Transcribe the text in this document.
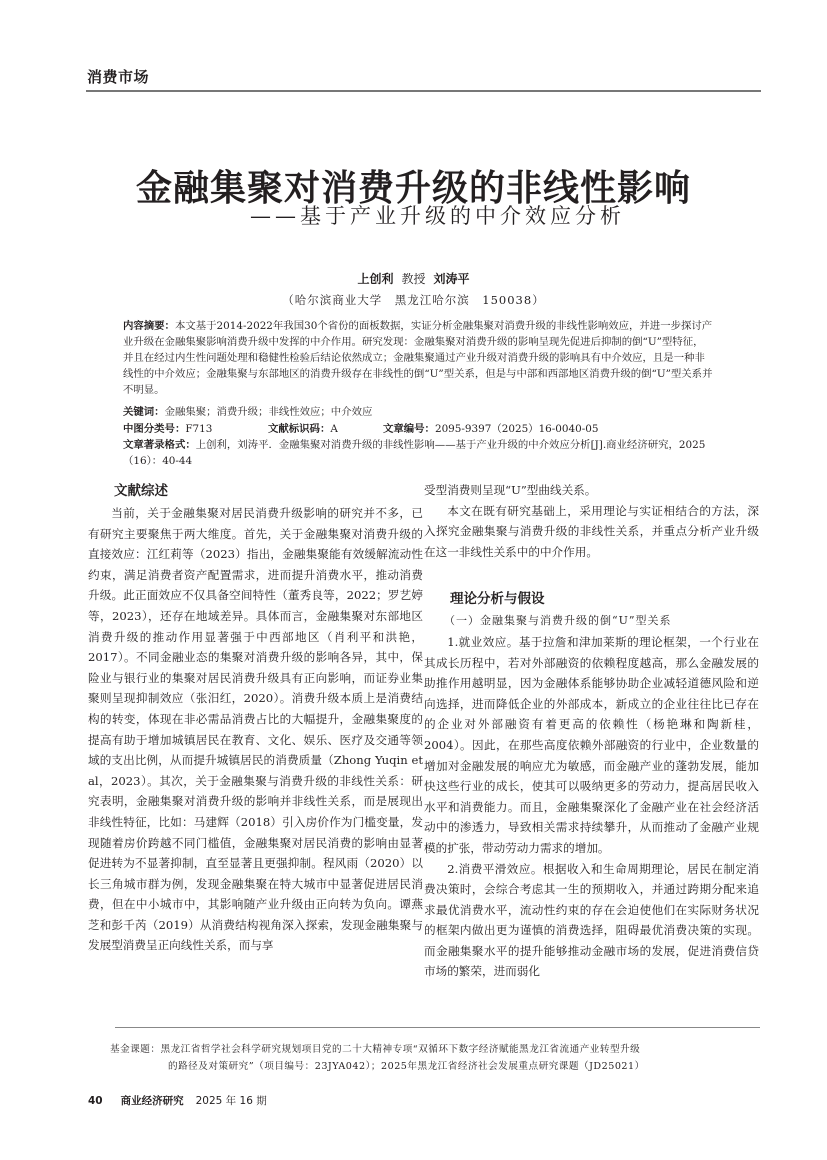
消费市场
金融集聚对消费升级的非线性影响
——基于产业升级的中介效应分析
上创利 教授 刘涛平
（哈尔滨商业大学　黑龙江哈尔滨　150038）
内容摘要：本文基于2014-2022年我国30个省份的面板数据，实证分析金融集聚对消费升级的非线性影响效应，并进一步探讨产业升级在金融集聚影响消费升级中发挥的中介作用。研究发现：金融集聚对消费升级的影响呈现先促进后抑制的倒“U”型特征，并且在经过内生性问题处理和稳健性检验后结论依然成立；金融集聚通过产业升级对消费升级的影响具有中介效应，且是一种非线性的中介效应；金融集聚与东部地区的消费升级存在非线性的倒“U”型关系，但是与中部和西部地区消费升级的倒“U”型关系并不明显。
关键词：金融集聚；消费升级；非线性效应；中介效应
中图分类号：F713	文献标识码：A	文章编号：2095-9397（2025）16-0040-05
文章著录格式：上创利，刘涛平．金融集聚对消费升级的非线性影响——基于产业升级的中介效应分析[J].商业经济研究，2025（16）：40-44
文献综述

当前，关于金融集聚对居民消费升级影响的研究并不多，已有研究主要聚焦于两大维度。首先，关于金融集聚对消费升级的直接效应：江红莉等（2023）指出，金融集聚能有效缓解流动性约束，满足消费者资产配置需求，进而提升消费水平，推动消费升级。此正面效应不仅具备空间特性（董秀良等，2022；罗艺婷等，2023），还存在地域差异。具体而言，金融集聚对东部地区消费升级的推动作用显著强于中西部地区（肖利平和洪艳，2017）。不同金融业态的集聚对消费升级的影响各异，其中，保险业与银行业的集聚对居民消费升级具有正向影响，而证券业集聚则呈现抑制效应（张汨红，2020）。消费升级本质上是消费结构的转变，体现在非必需品消费占比的大幅提升，金融集聚度的提高有助于增加城镇居民在教育、文化、娱乐、医疗及交通等领域的支出比例，从而提升城镇居民的消费质量（Zhong Yuqin et al，2023）。其次，关于金融集聚与消费升级的非线性关系：研究表明，金融集聚对消费升级的影响并非线性关系，而是展现出非线性特征，比如：马建辉（2018）引入房价作为门槛变量，发现随着房价跨越不同门槛值，金融集聚对居民消费的影响由显著促进转为不显著抑制，直至显著且更强抑制。程风雨（2020）以长三角城市群为例，发现金融集聚在特大城市中显著促进居民消费，但在中小城市中，其影响随产业升级由正向转为负向。谭燕芝和彭千芮（2019）从消费结构视角深入探索，发现金融集聚与发展型消费呈正向线性关系，而与享

受型消费则呈现“U”型曲线关系。

本文在既有研究基础上，采用理论与实证相结合的方法，深入探究金融集聚与消费升级的非线性关系，并重点分析产业升级在这一非线性关系中的中介作用。

理论分析与假设
（一）金融集聚与消费升级的倒“U”型关系

1.就业效应。基于拉詹和津加莱斯的理论框架，一个行业在其成长历程中，若对外部融资的依赖程度越高，那么金融发展的助推作用越明显，因为金融体系能够协助企业减轻道德风险和逆向选择，进而降低企业的外部成本，新成立的企业往往比已存在的企业对外部融资有着更高的依赖性（杨艳琳和陶新桂，2004）。因此，在那些高度依赖外部融资的行业中，企业数量的增加对金融发展的响应尤为敏感，而金融产业的蓬勃发展，能加快这些行业的成长，使其可以吸纳更多的劳动力，提高居民收入水平和消费能力。而且，金融集聚深化了金融产业在社会经济活动中的渗透力，导致相关需求持续攀升，从而推动了金融产业规模的扩张，带动劳动力需求的增加。

2.消费平滑效应。根据收入和生命周期理论，居民在制定消费决策时，会综合考虑其一生的预期收入，并通过跨期分配来追求最优消费水平，流动性约束的存在会迫使他们在实际财务状况的框架内做出更为谨慎的消费选择，阻碍最优消费决策的实现。而金融集聚水平的提升能够推动金融市场的发展，促进消费信贷市场的繁荣，进而弱化

基金课题：黑龙江省哲学社会科学研究规划项目党的二十大精神专项“双循环下数字经济赋能黑龙江省流通产业转型升级
的路径及对策研究”（项目编号：23JYA042）；2025年黑龙江省经济社会发展重点研究课题（JD25021）
40 商业经济研究 2025 年 16 期
